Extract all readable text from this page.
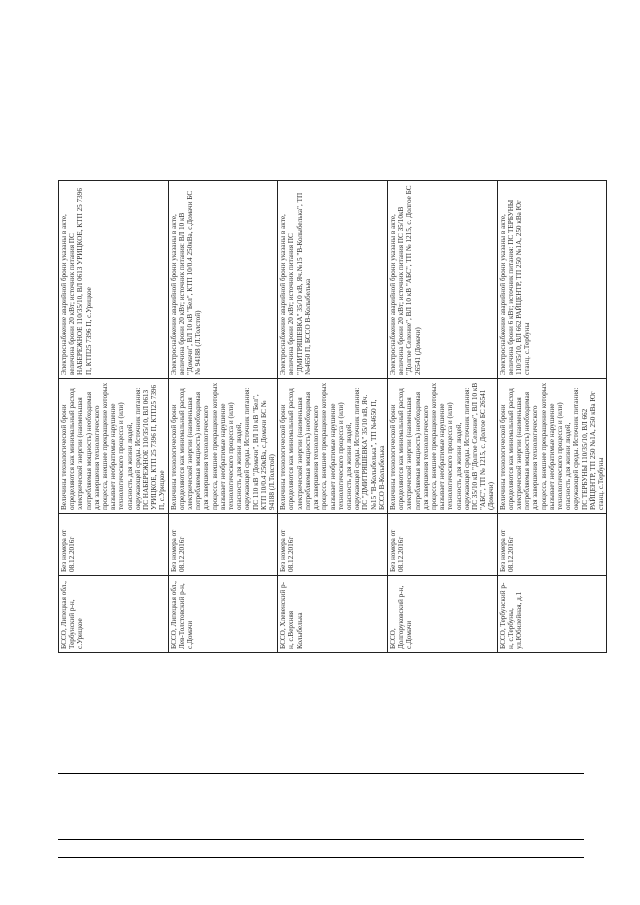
БССО, Липецкая обл., Тербунский р-н, с.Урицкое	Без номера от 08.12.2016г	Величины технологической брони определяются как минимальный расход электрической энергии (наименьшая потребляемая мощность) необходимая для завершения технологического процесса, внешнее прекращение которых вызывает необратимые нарушение технологического процесса и (или) опасность для жизни людей, окружающей среды. Источник питания: ПС НАБЕРЕЖНОЕ 110/35/10, ВЛ 0613 УРИЦКОЕ, КТП 25 7396 П, КТП25 7396 П, с.Урицкое	Электроснабжение аварийной брони указаны в акте, величина брони 20 кВт; источник питания ПС НАБЕРЕЖНОЕ 110/35/10, ВЛ 0613 УРИЦКОЕ, КТП 25 7396 П, КТП25 7396 П, с.Урицкое
БССО, Липецкая обл., Лев-Толстовский р-н, с.Домачи	Без номера от 08.12.2016г	Величины технологической брони определяются как минимальный расход электрической энергии (наименьшая потребляемая мощность) необходимая для завершения технологического процесса, внешнее прекращение которых вызывает необратимые нарушение технологического процесса и (или) опасность для жизни людей, окружающей среды. Источник питания: ПС 110 кВ "Домачи", ВЛ 10 кВ "Бел", КТП 10/0.4 250кВа, с.Домачи БС № 94188 (Л.Толстой)	Электроснабжение аварийной брони указаны в акте, величина брони 20 кВт; источник питания: ВЛ 10 кВ "Домачи", ВЛ 10 кВ "Бел", КТП 10/0.4 250кВа, с.Домачи БС № 94188 (Л.Толстой)
БССО, Хлевенский р-н, с.Верхняя Колыбелька	Без номера от 08.12.2016г	Величины технологической брони определяются как минимальный расход электрической энергии (наименьшая потребляемая мощность) необходимая для завершения технологического процесса, внешнее прекращение которых вызывает необратимые нарушение технологического процесса и (или) опасность для жизни людей, окружающей среды. Источник питания: ПС "ДМИТРЯШЕВКА" 35/10 кВ, Яч.№15 "В-Колыбелька", ТП №4650 П, БССО В-Колыбелька	Электроснабжение аварийной брони указаны в акте, величина брони 20 кВт; источник питания ПС "ДМИТРЯШЕВКА" 35/10 кВ, Яч.№15 "В-Колыбелька", ТП №4650 П, БССО В-Колыбелька
БССО, Долгоруковский р-н, с.Домачи	Без номера от 08.12.2016г	Величины технологической брони определяются как минимальный расход электрической энергии (наименьшая потребляемая мощность) необходимая для завершения технологического процесса, внешнее прекращение которых вызывает необратимые нарушение технологического процесса и (или) опасность для жизни людей, окружающей среды. Источник питания: ПС 35/10 кВ "Долгое Селение", ВЛ 10 кВ "АБС", ТП № 1215, с. Долгое БС 26541 (Домачи)	Электроснабжение аварийной брони указаны в акте, величина брони 20 кВт; источник питания ПС 35/10кВ "Долгое Селение", ВЛ 10 кВ "АБС", ТП № 1215, с. Долгое БС 26541 (Домачи)
БССО, Тербунский р-н, с.Тербуны, ул.Юбилейная, д.1	Без номера от 08.12.2016г	Величины технологической брони определяются как минимальный расход электрической энергии (наименьшая потребляемая мощность) необходимая для завершения технологического процесса, внешнее прекращение которых вызывает необратимые нарушение технологического процесса и (или) опасность для жизни людей, окружающей среды. Источник питания: ПС ТЕРБУНЫ 110/35/10, ВЛ 662 РАЙЦЕНТР, ТП 250 №1А, 250 кВа Юг станц. с.Тербуны	Электроснабжение аварийной брони указаны в акте, величина брони 6 кВт; источник питания: ПС ТЕРБУНЫ 110/35/10, ВЛ 662 РАЙЦЕНТР, ТП 250 №1А, 250 кВа Юг станц. с.Тербуны
